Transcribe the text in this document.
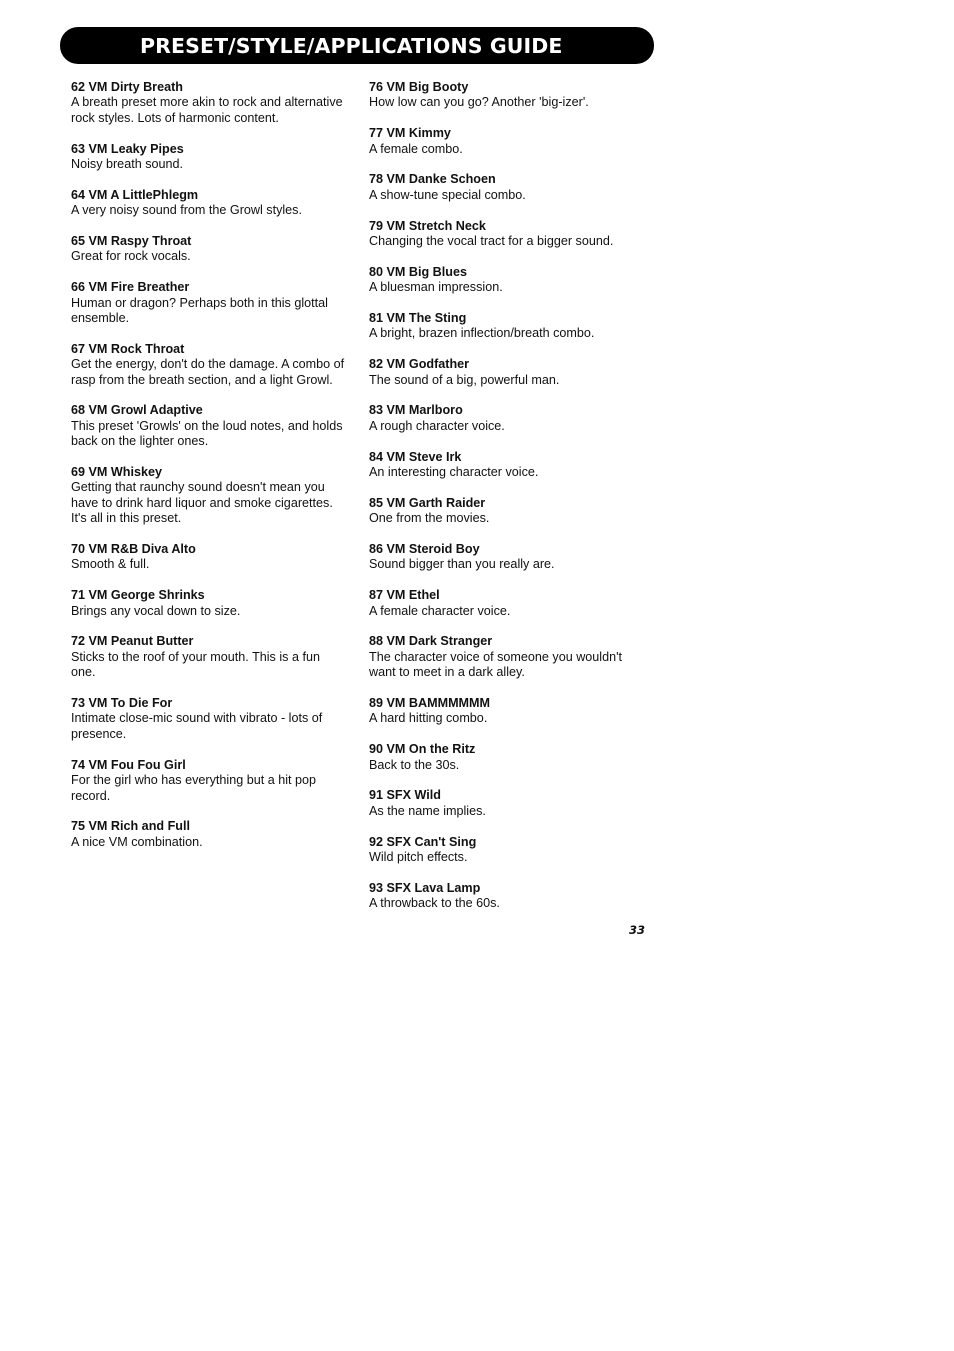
PRESET/STYLE/APPLICATIONS GUIDE
62 VM Dirty Breath
A breath preset more akin to rock and alternative rock styles. Lots of harmonic content.
63 VM Leaky Pipes
Noisy breath sound.
64 VM A LittlePhlegm
A very noisy sound from the Growl styles.
65 VM Raspy Throat
Great for rock vocals.
66 VM Fire Breather
Human or dragon? Perhaps both in this glottal ensemble.
67 VM Rock Throat
Get the energy, don't do the damage. A combo of rasp from the breath section, and a light Growl.
68 VM Growl Adaptive
This preset 'Growls' on the loud notes, and holds back on the lighter ones.
69 VM Whiskey
Getting that raunchy sound doesn't mean you have to drink hard liquor and smoke cigarettes. It's all in this preset.
70 VM R&B Diva Alto
Smooth & full.
71 VM George Shrinks
Brings any vocal down to size.
72 VM Peanut Butter
Sticks to the roof of your mouth. This is a fun one.
73 VM To Die For
Intimate close-mic sound with vibrato - lots of presence.
74 VM Fou Fou Girl
For the girl who has everything but a hit pop record.
75 VM Rich and Full
A nice VM combination.
76 VM Big Booty
How low can you go? Another 'big-izer'.
77 VM Kimmy
A female combo.
78 VM Danke Schoen
A show-tune special combo.
79 VM Stretch Neck
Changing the vocal tract for a bigger sound.
80 VM Big Blues
A bluesman impression.
81 VM The Sting
A bright, brazen inflection/breath combo.
82 VM Godfather
The sound of a big, powerful man.
83 VM Marlboro
A rough character voice.
84 VM Steve Irk
An interesting character voice.
85 VM Garth Raider
One from the movies.
86 VM Steroid Boy
Sound bigger than you really are.
87 VM Ethel
A female character voice.
88 VM Dark Stranger
The character voice of someone you wouldn't want to meet in a dark alley.
89 VM BAMMMMMM
A hard hitting combo.
90 VM On the Ritz
Back to the 30s.
91 SFX Wild
As the name implies.
92 SFX Can't Sing
Wild pitch effects.
93 SFX Lava Lamp
A throwback to the 60s.
33
